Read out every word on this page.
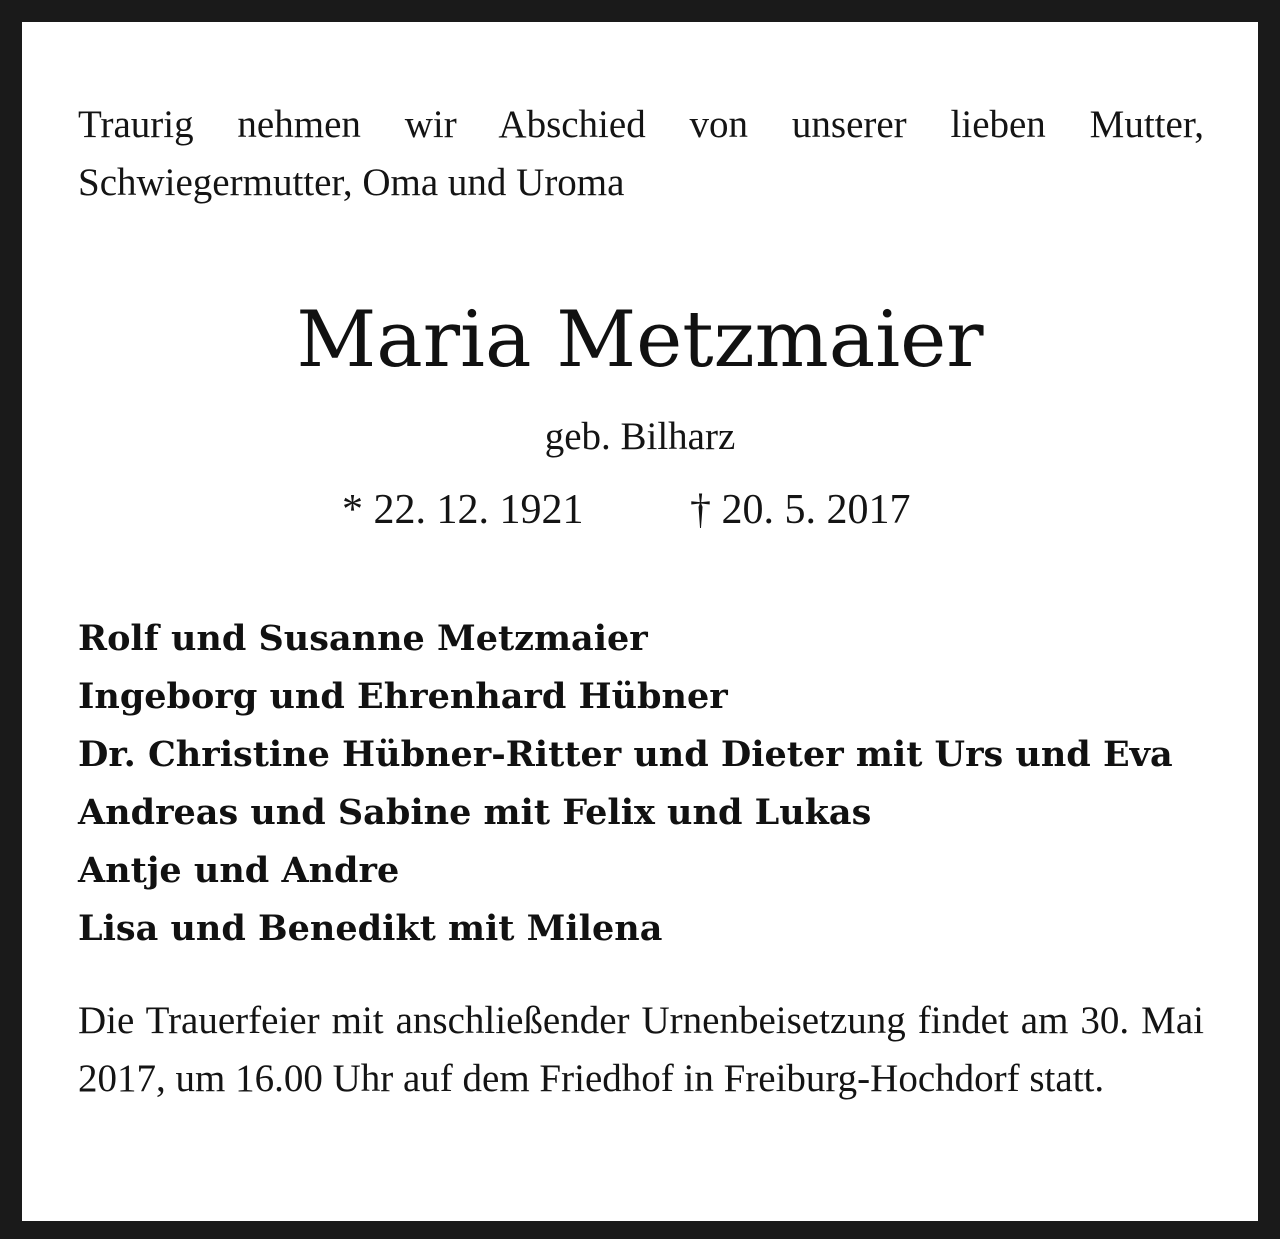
Traurig nehmen wir Abschied von unserer lieben Mutter, Schwiegermutter, Oma und Uroma

Maria Metzmaier
geb. Bilharz
* 22. 12. 1921	† 20. 5. 2017
Rolf und Susanne Metzmaier
Ingeborg und Ehrenhard Hübner
Dr. Christine Hübner-Ritter und Dieter mit Urs und Eva
Andreas und Sabine mit Felix und Lukas
Antje und Andre
Lisa und Benedikt mit Milena

Die Trauerfeier mit anschließender Urnenbeisetzung findet am 30. Mai 2017, um 16.00 Uhr auf dem Friedhof in Freiburg-Hochdorf statt.
